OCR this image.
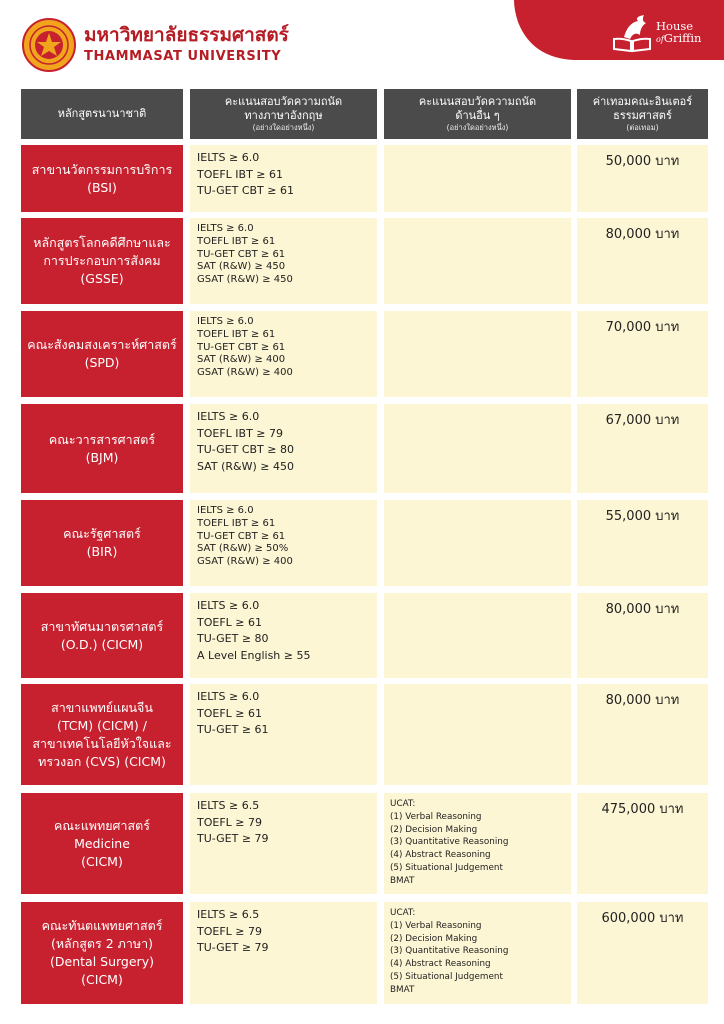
มหาวิทยาลัยธรรมศาสตร์
THAMMASAT UNIVERSITY
House
ofGriffin
หลักสูตรนานาชาติ
คะแนนสอบวัดความถนัด
ทางภาษาอังกฤษ
(อย่างใดอย่างหนึ่ง)
คะแนนสอบวัดความถนัด
ด้านอื่น ๆ
(อย่างใดอย่างหนึ่ง)
ค่าเทอมคณะอินเตอร์
ธรรมศาสตร์
(ต่อเทอม)
สาขานวัตกรรมการบริการ
(BSI)
IELTS ≥ 6.0
TOEFL IBT ≥ 61
TU-GET CBT ≥ 61
50,000 บาท
หลักสูตรโลกคดีศึกษาและ
การประกอบการสังคม
(GSSE)
IELTS ≥ 6.0
TOEFL IBT ≥ 61
TU-GET CBT ≥ 61
SAT (R&W) ≥ 450
GSAT (R&W) ≥ 450
80,000 บาท
คณะสังคมสงเคราะห์ศาสตร์
(SPD)
IELTS ≥ 6.0
TOEFL IBT ≥ 61
TU-GET CBT ≥ 61
SAT (R&W) ≥ 400
GSAT (R&W) ≥ 400
70,000 บาท
คณะวารสารศาสตร์
(BJM)
IELTS ≥ 6.0
TOEFL IBT ≥ 79
TU-GET CBT ≥ 80
SAT (R&W) ≥ 450
67,000 บาท
คณะรัฐศาสตร์
(BIR)
IELTS ≥ 6.0
TOEFL IBT ≥ 61
TU-GET CBT ≥ 61
SAT (R&W) ≥ 50%
GSAT (R&W) ≥ 400
55,000 บาท
สาขาทัศนมาตรศาสตร์
(O.D.) (CICM)
IELTS ≥ 6.0
TOEFL ≥ 61
TU-GET ≥ 80
A Level English ≥ 55
80,000 บาท
สาขาแพทย์แผนจีน
(TCM) (CICM) /
สาขาเทคโนโลยีหัวใจและ
ทรวงอก (CVS) (CICM)
IELTS ≥ 6.0
TOEFL ≥ 61
TU-GET ≥ 61
80,000 บาท
คณะแพทยศาสตร์
Medicine
(CICM)
IELTS ≥ 6.5
TOEFL ≥ 79
TU-GET ≥ 79
UCAT:
(1) Verbal Reasoning
(2) Decision Making
(3) Quantitative Reasoning
(4) Abstract Reasoning
(5) Situational Judgement
BMAT
475,000 บาท
คณะทันตแพทยศาสตร์
(หลักสูตร 2 ภาษา)
(Dental Surgery)
(CICM)
IELTS ≥ 6.5
TOEFL ≥ 79
TU-GET ≥ 79
UCAT:
(1) Verbal Reasoning
(2) Decision Making
(3) Quantitative Reasoning
(4) Abstract Reasoning
(5) Situational Judgement
BMAT
600,000 บาท
